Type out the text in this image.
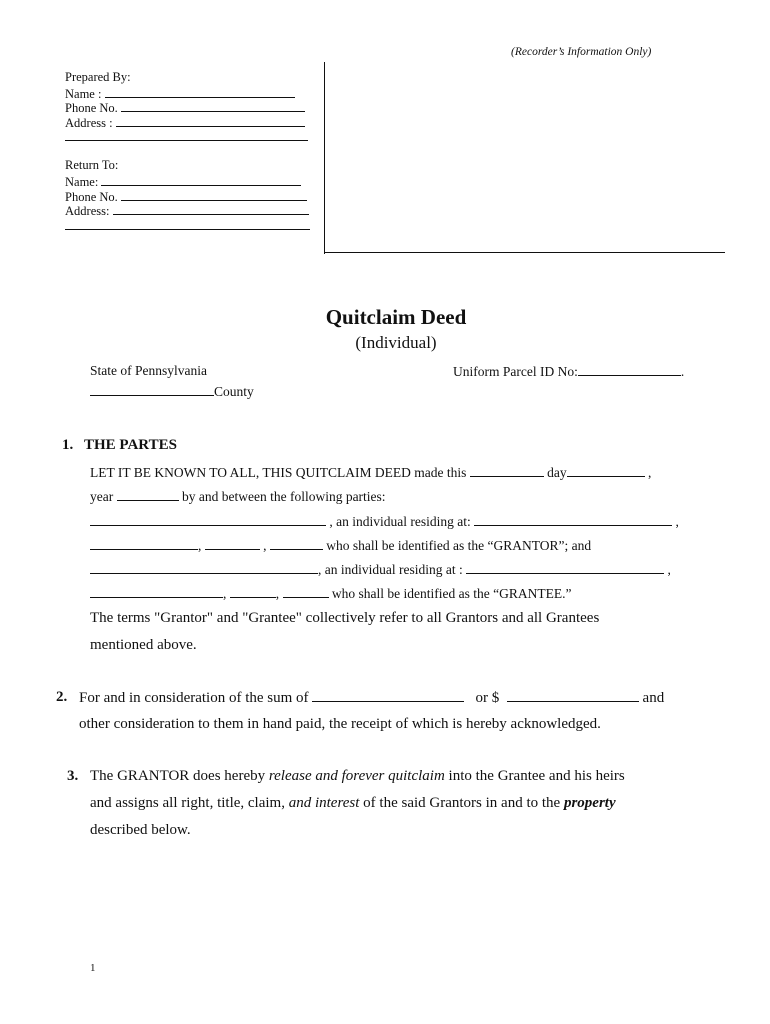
(Recorder’s Information Only)
Prepared By:
Name :
Phone No.
Address :
Return To:
Name:
Phone No.
Address:
Quitclaim Deed
(Individual)
State of Pennsylvania
County
Uniform Parcel ID No:	.
1. THE PARTES
LET IT BE KNOWN TO ALL, THIS QUITCLAIM DEED made this	day	,
year	by and between the following parties:
, an individual residing at:	,
,	,	who shall be identified as the “GRANTOR”; and
, an individual residing at :	,
,	,	who shall be identified as the “GRANTEE.”
The terms "Grantor" and "Grantee" collectively refer to all Grantors and all Grantees
mentioned above.
2. For and in consideration of the sum of	or $	and
other consideration to them in hand paid, the receipt of which is hereby acknowledged.
3. The GRANTOR does hereby release and forever quitclaim into the Grantee and his heirs
and assigns all right, title, claim, and interest of the said Grantors in and to the property
described below.
1
